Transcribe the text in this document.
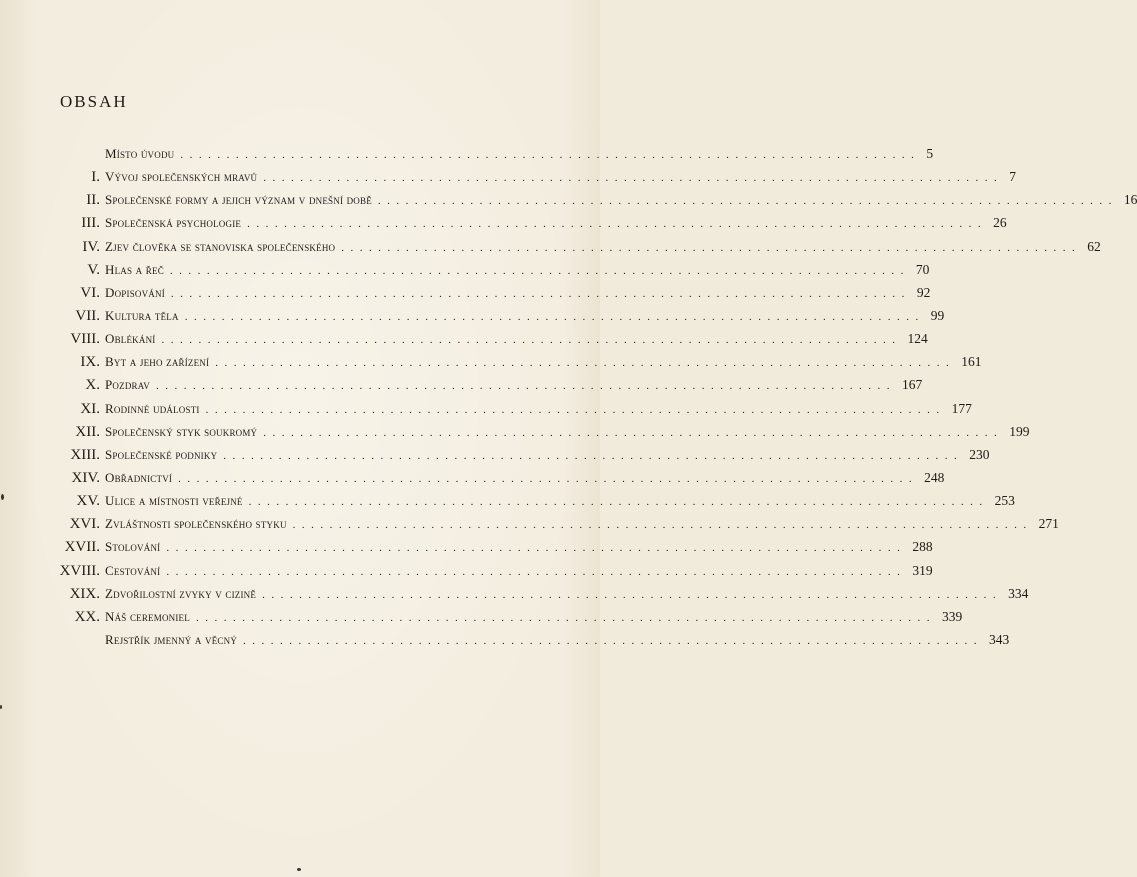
OBSAH
Místo úvodu ................................................................................ 5
I. Vývoj společenských mravů ................................................................................ 7
II. Společenské formy a jejich význam v dnešní době ................................................................................ 16
III. Společenská psychologie ................................................................................ 26
IV. Zjev člověka se stanoviska společenského ................................................................................ 62
V. Hlas a řeč ................................................................................ 70
VI. Dopisování ................................................................................ 92
VII. Kultura těla ................................................................................ 99
VIII. Oblékání ................................................................................ 124
IX. Byt a jeho zařízení ................................................................................ 161
X. Pozdrav ................................................................................ 167
XI. Rodinné události ................................................................................ 177
XII. Společenský styk soukromý ................................................................................ 199
XIII. Společenské podniky ................................................................................ 230
XIV. Obřadnictví ................................................................................ 248
XV. Ulice a místnosti veřejné ................................................................................ 253
XVI. Zvláštnosti společenského styku ................................................................................ 271
XVII. Stolování ................................................................................ 288
XVIII. Cestování ................................................................................ 319
XIX. Zdvořilostní zvyky v cizině ................................................................................ 334
XX. Náš ceremoniel ................................................................................ 339
Rejstřík jmenný a věcný ................................................................................ 343
